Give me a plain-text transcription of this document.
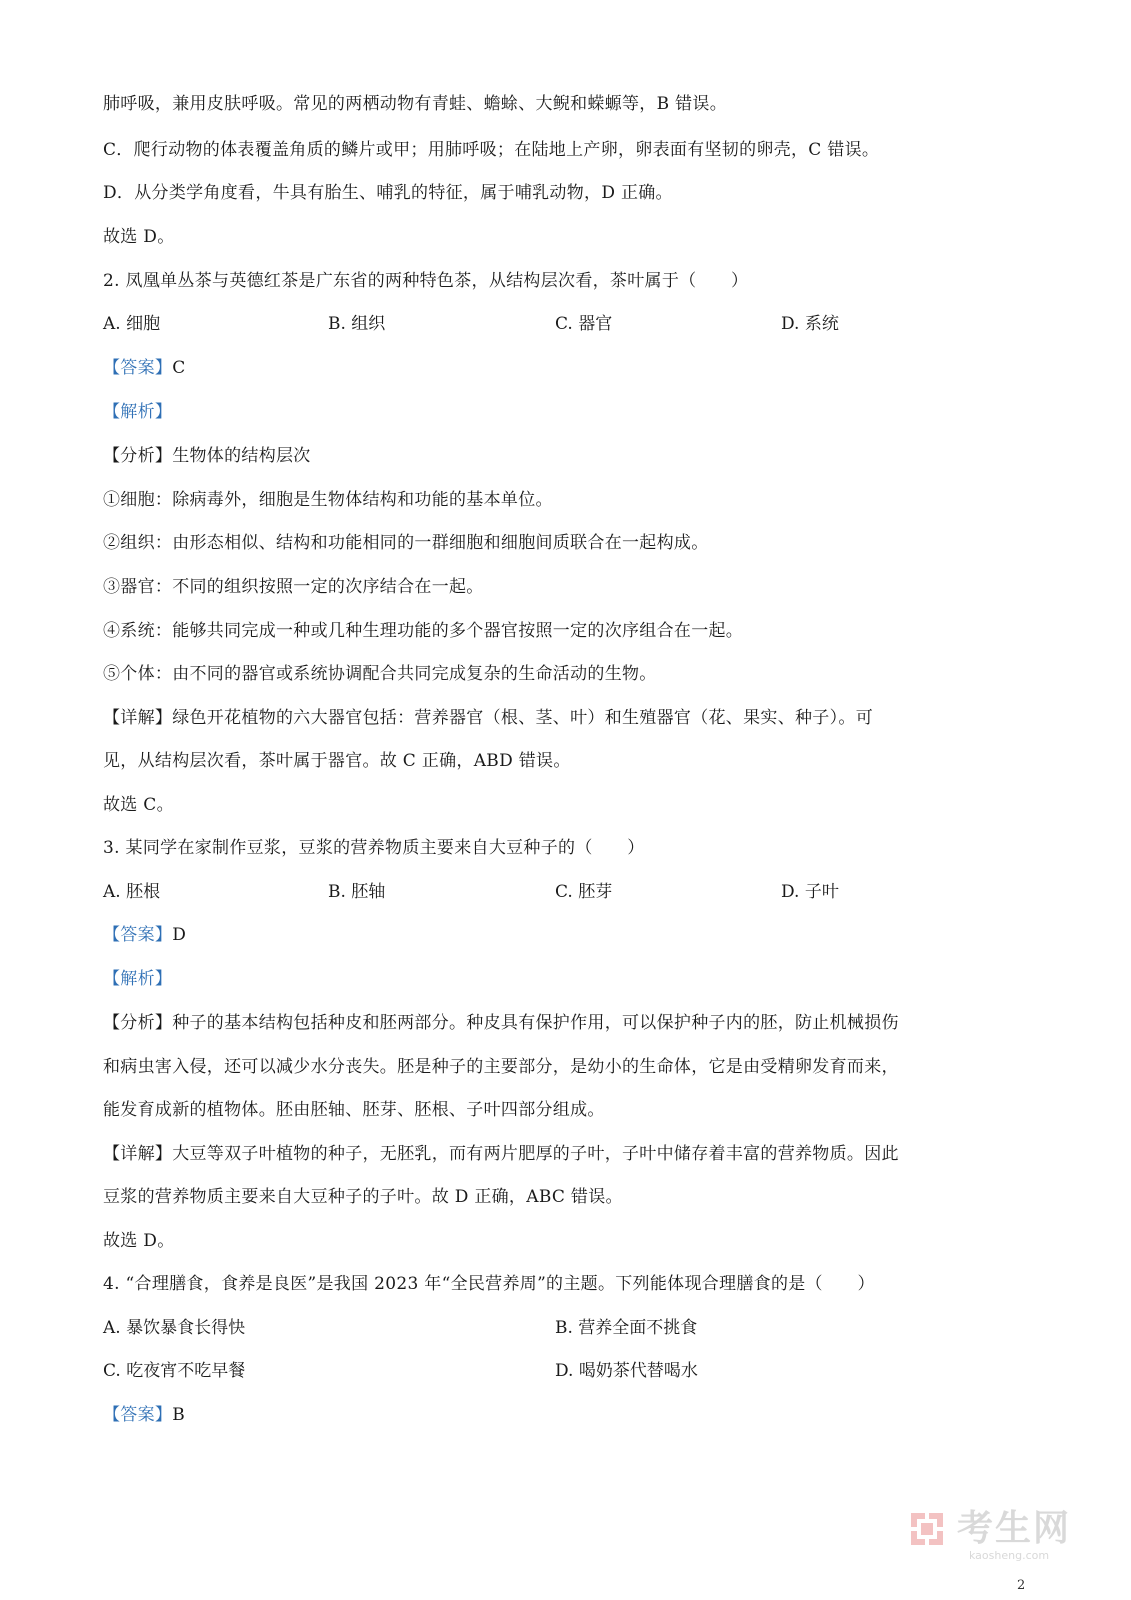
肺呼吸，兼用皮肤呼吸。常见的两栖动物有青蛙、蟾蜍、大鲵和蝾螈等，B 错误。
C．爬行动物的体表覆盖角质的鳞片或甲；用肺呼吸；在陆地上产卵，卵表面有坚韧的卵壳，C 错误。
D．从分类学角度看，牛具有胎生、哺乳的特征，属于哺乳动物，D 正确。
故选 D。
2. 凤凰单丛茶与英德红茶是广东省的两种特色茶，从结构层次看，茶叶属于（　　）
A. 细胞	B. 组织	C. 器官	D. 系统
【答案】C
【解析】
【分析】生物体的结构层次
①细胞：除病毒外，细胞是生物体结构和功能的基本单位。
②组织：由形态相似、结构和功能相同的一群细胞和细胞间质联合在一起构成。
③器官：不同的组织按照一定的次序结合在一起。
④系统：能够共同完成一种或几种生理功能的多个器官按照一定的次序组合在一起。
⑤个体：由不同的器官或系统协调配合共同完成复杂的生命活动的生物。
【详解】绿色开花植物的六大器官包括：营养器官（根、茎、叶）和生殖器官（花、果实、种子）。可
见，从结构层次看，茶叶属于器官。故 C 正确，ABD 错误。
故选 C。
3. 某同学在家制作豆浆，豆浆的营养物质主要来自大豆种子的（　　）
A. 胚根	B. 胚轴	C. 胚芽	D. 子叶
【答案】D
【解析】
【分析】种子的基本结构包括种皮和胚两部分。种皮具有保护作用，可以保护种子内的胚，防止机械损伤
和病虫害入侵，还可以减少水分丧失。胚是种子的主要部分，是幼小的生命体，它是由受精卵发育而来，
能发育成新的植物体。胚由胚轴、胚芽、胚根、子叶四部分组成。
【详解】大豆等双子叶植物的种子，无胚乳，而有两片肥厚的子叶，子叶中储存着丰富的营养物质。因此
豆浆的营养物质主要来自大豆种子的子叶。故 D 正确，ABC 错误。
故选 D。
4. “合理膳食，食养是良医”是我国 2023 年“全民营养周”的主题。下列能体现合理膳食的是（　　）
A. 暴饮暴食长得快	B. 营养全面不挑食
C. 吃夜宵不吃早餐	D. 喝奶茶代替喝水
【答案】B
考生网
kaosheng.com
2
